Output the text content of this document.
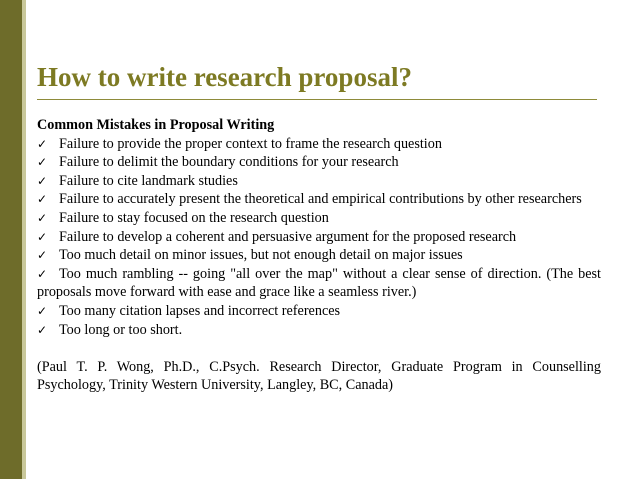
How to write research proposal?

Common Mistakes in Proposal Writing

✓ Failure to provide the proper context to frame the research question

✓ Failure to delimit the boundary conditions for your research

✓ Failure to cite landmark studies

✓ Failure to accurately present the theoretical and empirical contributions by other researchers

✓ Failure to stay focused on the research question

✓ Failure to develop a coherent and persuasive argument for the proposed research

✓ Too much detail on minor issues, but not enough detail on major issues

✓ Too much rambling -- going "all over the map" without a clear sense of direction. (The best proposals move forward with ease and grace like a seamless river.)

✓ Too many citation lapses and incorrect references

✓ Too long or too short.

(Paul T. P. Wong, Ph.D., C.Psych. Research Director, Graduate Program in Counselling Psychology, Trinity Western University, Langley, BC, Canada)
